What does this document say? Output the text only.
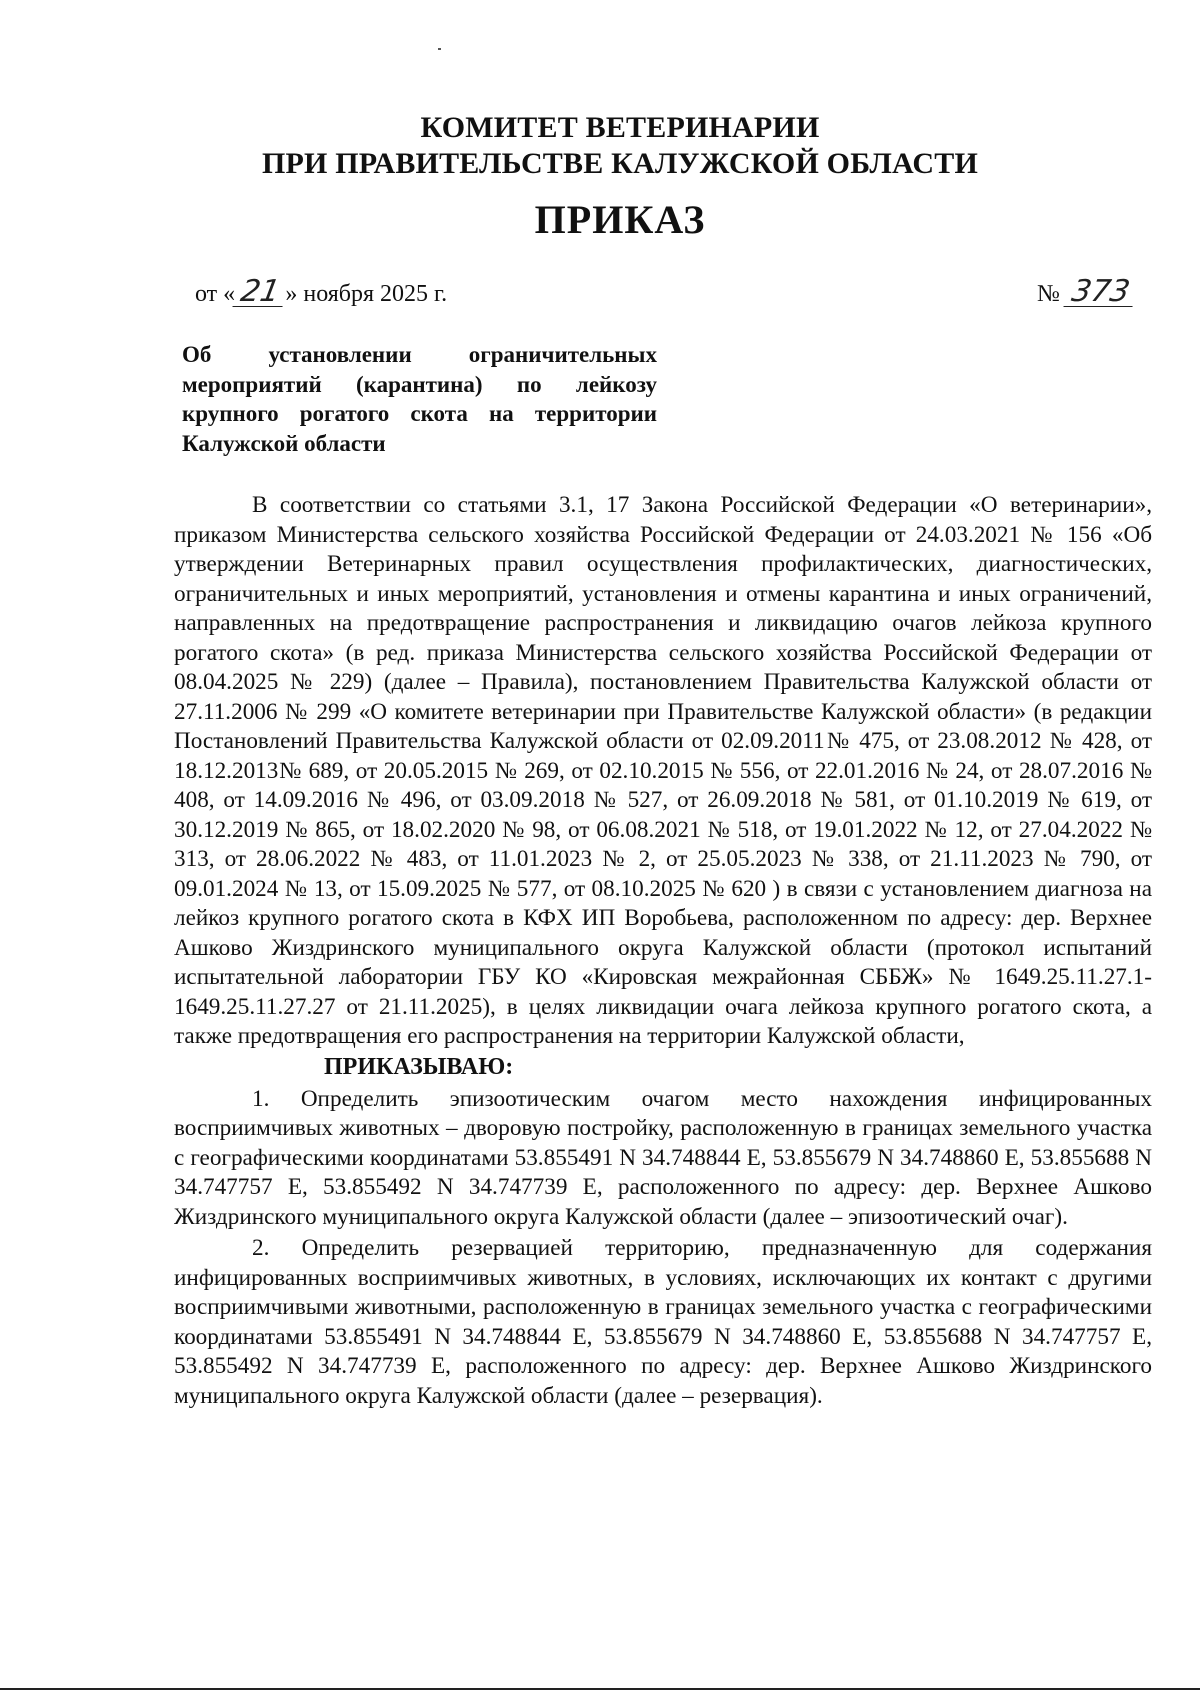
КОМИТЕТ ВЕТЕРИНАРИИ
ПРИ ПРАВИТЕЛЬСТВЕ КАЛУЖСКОЙ ОБЛАСТИ
ПРИКАЗ
от « 21 » ноября 2025 г.	№ 373

Об установлении ограничительных мероприятий (карантина) по лейкозу крупного рогатого скота на территории Калужской области

В соответствии со статьями 3.1, 17 Закона Российской Федерации «О ветеринарии», приказом Министерства сельского хозяйства Российской Федерации от 24.03.2021 № 156 «Об утверждении Ветеринарных правил осуществления профилактических, диагностических, ограничительных и иных мероприятий, установления и отмены карантина и иных ограничений, направленных на предотвращение распространения и ликвидацию очагов лейкоза крупного рогатого скота» (в ред. приказа Министерства сельского хозяйства Российской Федерации от 08.04.2025 № 229) (далее – Правила), постановлением Правительства Калужской области от 27.11.2006 № 299 «О комитете ветеринарии при Правительстве Калужской области» (в редакции Постановлений Правительства Калужской области от 02.09.2011№ 475, от 23.08.2012 № 428, от 18.12.2013№ 689, от 20.05.2015 № 269, от 02.10.2015 № 556, от 22.01.2016 № 24, от 28.07.2016 № 408, от 14.09.2016 № 496, от 03.09.2018 № 527, от 26.09.2018 № 581, от 01.10.2019 № 619, от 30.12.2019 № 865, от 18.02.2020 № 98, от 06.08.2021 № 518, от 19.01.2022 № 12, от 27.04.2022 № 313, от 28.06.2022 № 483, от 11.01.2023 № 2, от 25.05.2023 № 338, от 21.11.2023 № 790, от 09.01.2024 № 13, от 15.09.2025 № 577, от 08.10.2025 № 620 ) в связи с установлением диагноза на лейкоз крупного рогатого скота в КФХ ИП Воробьева, расположенном по адресу: дер. Верхнее Ашково Жиздринского муниципального округа Калужской области (протокол испытаний испытательной лаборатории ГБУ КО «Кировская межрайонная СББЖ» № 1649.25.11.27.1-1649.25.11.27.27 от 21.11.2025), в целях ликвидации очага лейкоза крупного рогатого скота, а также предотвращения его распространения на территории Калужской области,

ПРИКАЗЫВАЮ:

1. Определить эпизоотическим очагом место нахождения инфицированных восприимчивых животных – дворовую постройку, расположенную в границах земельного участка с географическими координатами 53.855491 N 34.748844 E, 53.855679 N 34.748860 E, 53.855688 N 34.747757 E, 53.855492 N 34.747739 E, расположенного по адресу: дер. Верхнее Ашково Жиздринского муниципального округа Калужской области (далее – эпизоотический очаг).

2. Определить резервацией территорию, предназначенную для содержания инфицированных восприимчивых животных, в условиях, исключающих их контакт с другими восприимчивыми животными, расположенную в границах земельного участка с географическими координатами 53.855491 N 34.748844 E, 53.855679 N 34.748860 E, 53.855688 N 34.747757 E, 53.855492 N 34.747739 E, расположенного по адресу: дер. Верхнее Ашково Жиздринского муниципального округа Калужской области (далее – резервация).
